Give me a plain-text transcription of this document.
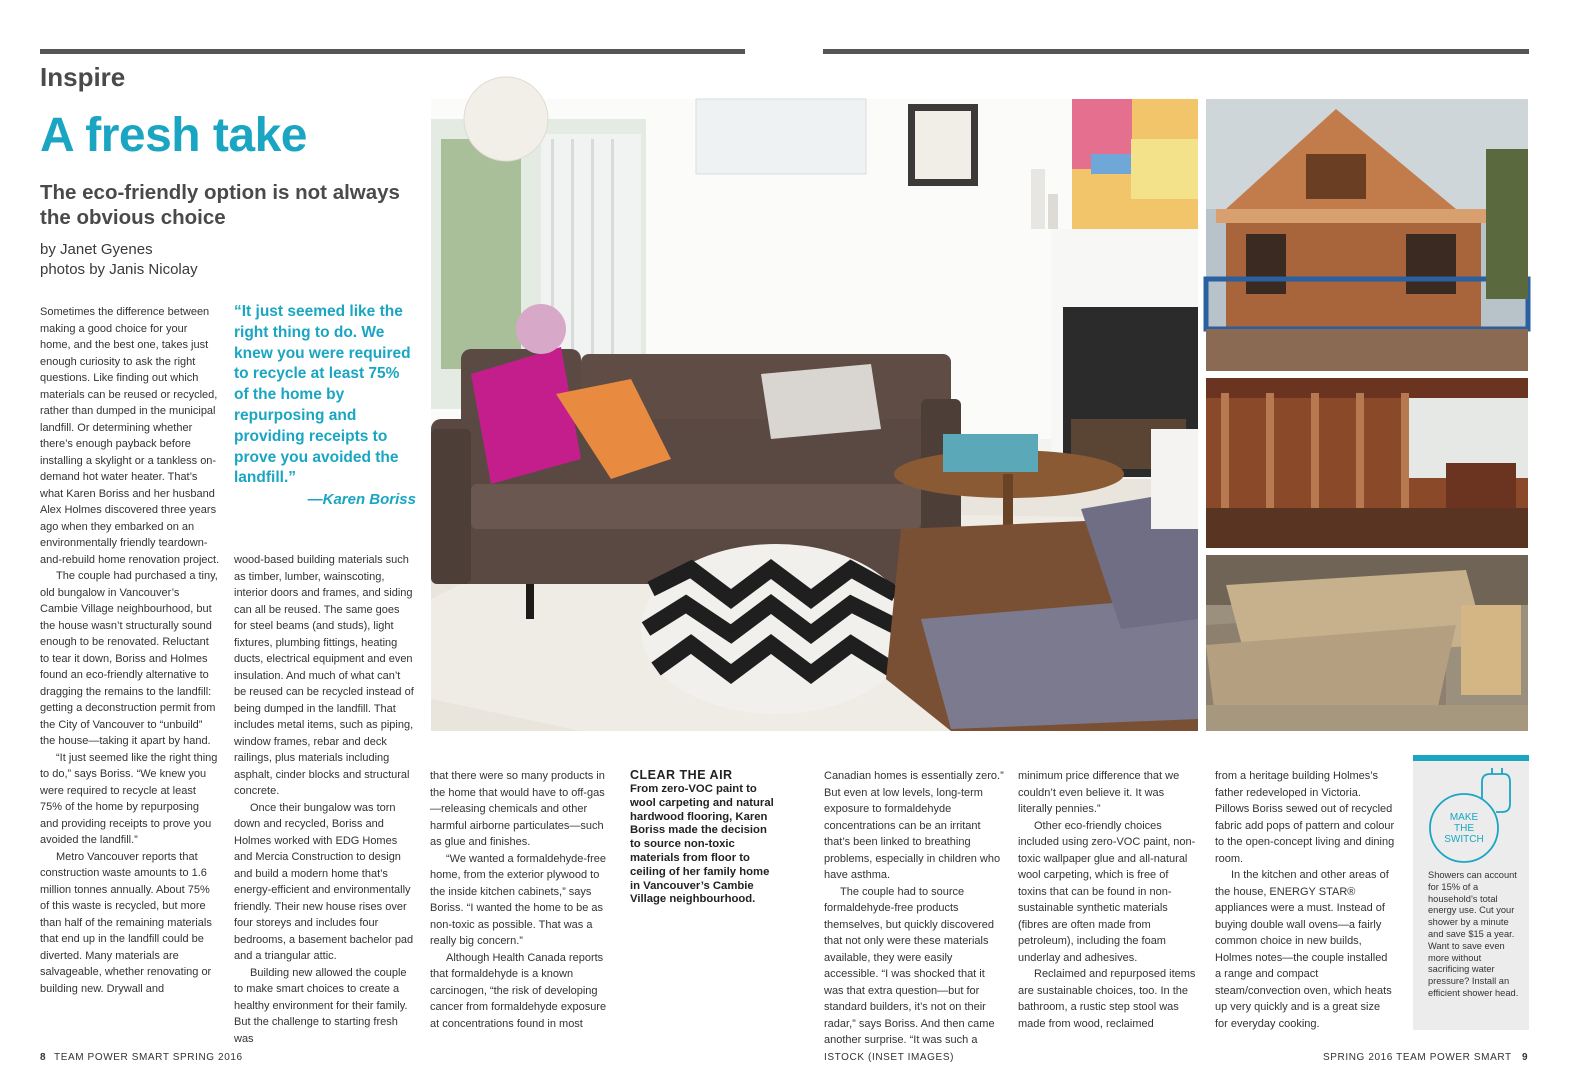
Inspire
A fresh take
The eco-friendly option is not always the obvious choice
by Janet Gyenes
photos by Janis Nicolay

Sometimes the difference between making a good choice for your home, and the best one, takes just enough curiosity to ask the right questions. Like finding out which materials can be reused or recycled, rather than dumped in the municipal landfill. Or determining whether there’s enough payback before installing a skylight or a tankless on-demand hot water heater. That’s what Karen Boriss and her husband Alex Holmes discovered three years ago when they embarked on an environmentally friendly teardown-and-rebuild home renovation project.

The couple had purchased a tiny, old bungalow in Vancouver’s Cambie Village neighbourhood, but the house wasn’t structurally sound enough to be renovated. Reluctant to tear it down, Boriss and Holmes found an eco-friendly alternative to dragging the remains to the landfill: getting a deconstruction permit from the City of Vancouver to “unbuild” the house—taking it apart by hand.

“It just seemed like the right thing to do,” says Boriss. “We knew you were required to recycle at least 75% of the home by repurposing and providing receipts to prove you avoided the landfill.”

Metro Vancouver reports that construction waste amounts to 1.6 million tonnes annually. About 75% of this waste is recycled, but more than half of the remaining materials that end up in the landfill could be diverted. Many materials are salvageable, whether renovating or building new. Drywall and

“It just seemed like the right thing to do. We knew you were required to recycle at least 75% of the home by repurposing and providing receipts to prove you avoided the landfill.”
—Karen Boriss

wood-based building materials such as timber, lumber, wainscoting, interior doors and frames, and siding can all be reused. The same goes for steel beams (and studs), light fixtures, plumbing fittings, heating ducts, electrical equipment and even insulation. And much of what can’t be reused can be recycled instead of being dumped in the landfill. That includes metal items, such as piping, window frames, rebar and deck railings, plus materials including asphalt, cinder blocks and structural concrete.

Once their bungalow was torn down and recycled, Boriss and Holmes worked with EDG Homes and Mercia Construction to design and build a modern home that’s energy-efficient and environmentally friendly. Their new house rises over four storeys and includes four bedrooms, a basement bachelor pad and a triangular attic.

Building new allowed the couple to make smart choices to create a healthy environment for their family. But the challenge to starting fresh was

that there were so many products in the home that would have to off-gas—releasing chemicals and other harmful airborne particulates—such as glue and finishes.

“We wanted a formaldehyde-free home, from the exterior plywood to the inside kitchen cabinets,” says Boriss. “I wanted the home to be as non-toxic as possible. That was a really big concern.”

Although Health Canada reports that formaldehyde is a known carcinogen, “the risk of developing cancer from formaldehyde exposure at concentrations found in most

CLEAR THE AIR
From zero-VOC paint to wool carpeting and natural hardwood flooring, Karen Boriss made the decision to source non-toxic materials from floor to ceiling of her family home in Vancouver’s Cambie Village neighbourhood.

Canadian homes is essentially zero.” But even at low levels, long-term exposure to formaldehyde concentrations can be an irritant that’s been linked to breathing problems, especially in children who have asthma.

The couple had to source formaldehyde-free products themselves, but quickly discovered that not only were these materials available, they were easily accessible. “I was shocked that it was that extra question—but for standard builders, it’s not on their radar,” says Boriss. And then came another surprise. “It was such a

minimum price difference that we couldn’t even believe it. It was literally pennies.”

Other eco-friendly choices included using zero-VOC paint, non-toxic wallpaper glue and all-natural wool carpeting, which is free of toxins that can be found in non-sustainable synthetic materials (fibres are often made from petroleum), including the foam underlay and adhesives.

Reclaimed and repurposed items are sustainable choices, too. In the bathroom, a rustic step stool was made from wood, reclaimed

from a heritage building Holmes’s father redeveloped in Victoria. Pillows Boriss sewed out of recycled fabric add pops of pattern and colour to the open-concept living and dining room.

In the kitchen and other areas of the house, ENERGY STAR® appliances were a must. Instead of buying double wall ovens—a fairly common choice in new builds, Holmes notes—the couple installed a range and compact steam/convection oven, which heats up very quickly and is a great size for everyday cooking.

MAKE
THE
SWITCH
Showers can account for 15% of a household’s total energy use. Cut your shower by a minute and save $15 a year. Want to save even more without sacrificing water pressure? Install an efficient shower head.
8 TEAM POWER SMART SPRING 2016	ISTOCK (INSET IMAGES)	SPRING 2016 TEAM POWER SMART 9
